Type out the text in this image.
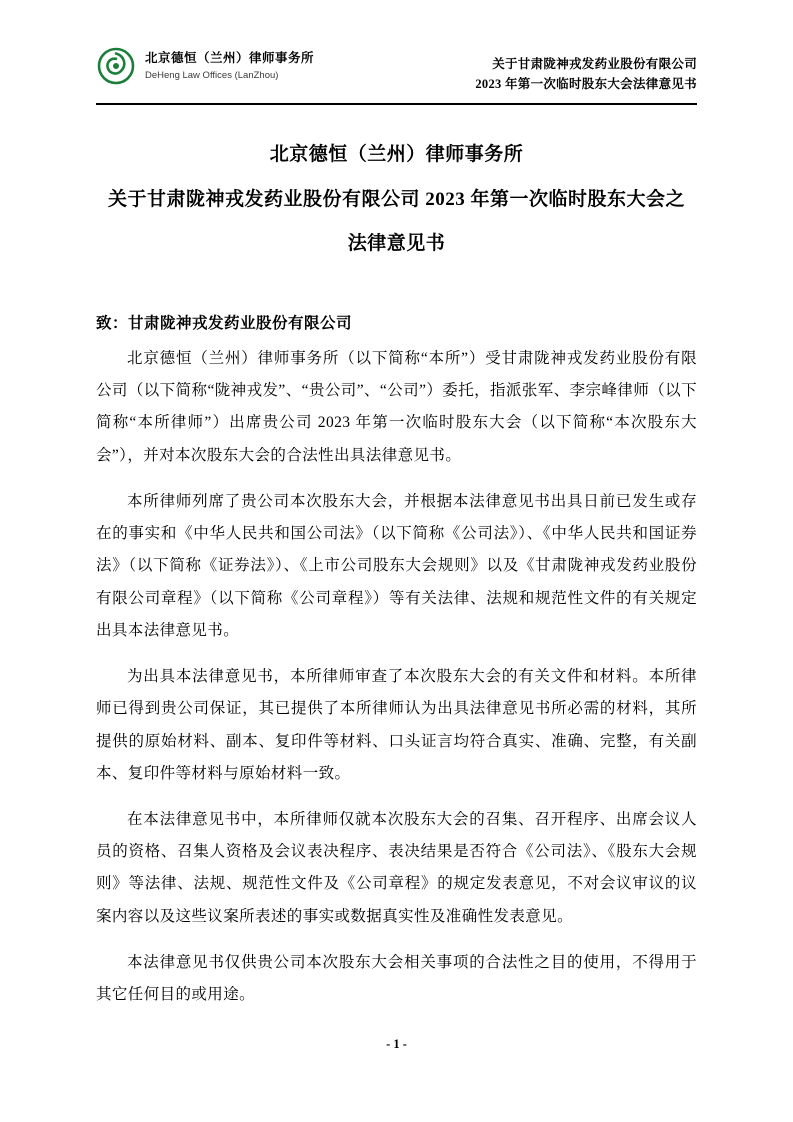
北京德恒（兰州）律师事务所
DeHeng Law Offices (LanZhou)
关于甘肃陇神戎发药业股份有限公司
2023 年第一次临时股东大会法律意见书
北京德恒（兰州）律师事务所
关于甘肃陇神戎发药业股份有限公司 2023 年第一次临时股东大会之
法律意见书
致：甘肃陇神戎发药业股份有限公司

北京德恒（兰州）律师事务所（以下简称“本所”）受甘肃陇神戎发药业股份有限公司（以下简称“陇神戎发”、“贵公司”、“公司”）委托，指派张军、李宗峰律师（以下简称“本所律师”）出席贵公司 2023 年第一次临时股东大会（以下简称“本次股东大会”），并对本次股东大会的合法性出具法律意见书。

本所律师列席了贵公司本次股东大会，并根据本法律意见书出具日前已发生或存在的事实和《中华人民共和国公司法》（以下简称《公司法》）、《中华人民共和国证券法》（以下简称《证券法》）、《上市公司股东大会规则》以及《甘肃陇神戎发药业股份有限公司章程》（以下简称《公司章程》）等有关法律、法规和规范性文件的有关规定出具本法律意见书。

为出具本法律意见书，本所律师审查了本次股东大会的有关文件和材料。本所律师已得到贵公司保证，其已提供了本所律师认为出具法律意见书所必需的材料，其所提供的原始材料、副本、复印件等材料、口头证言均符合真实、准确、完整，有关副本、复印件等材料与原始材料一致。

在本法律意见书中，本所律师仅就本次股东大会的召集、召开程序、出席会议人员的资格、召集人资格及会议表决程序、表决结果是否符合《公司法》、《股东大会规则》等法律、法规、规范性文件及《公司章程》的规定发表意见，不对会议审议的议案内容以及这些议案所表述的事实或数据真实性及准确性发表意见。

本法律意见书仅供贵公司本次股东大会相关事项的合法性之目的使用，不得用于其它任何目的或用途。

- 1 -
